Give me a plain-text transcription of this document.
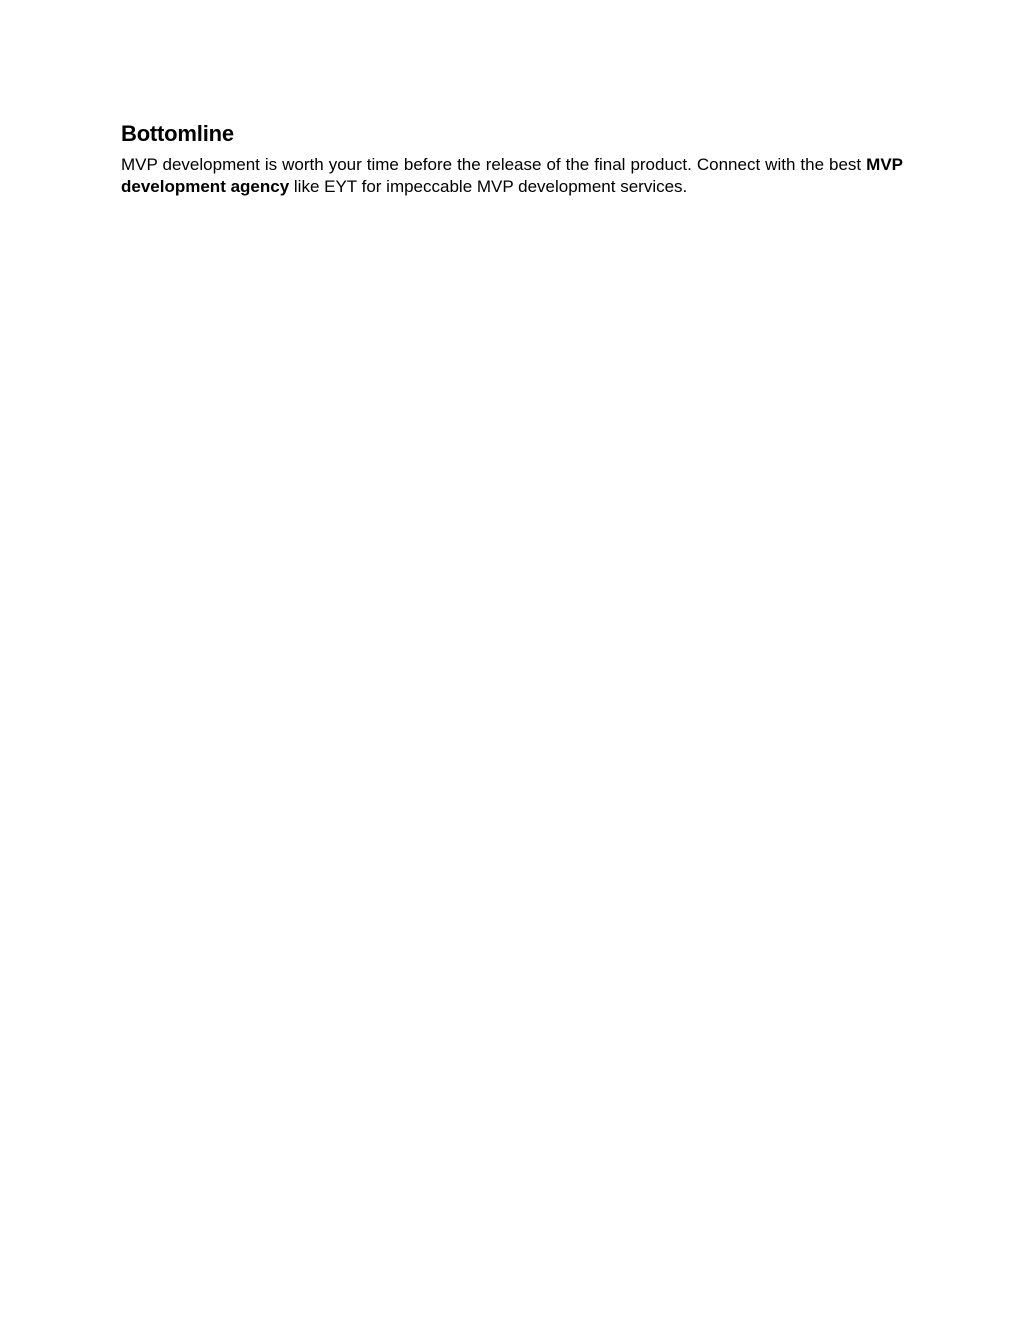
Bottomline

MVP development is worth your time before the release of the final product. Connect with the best MVP development agency like EYT for impeccable MVP development services.
